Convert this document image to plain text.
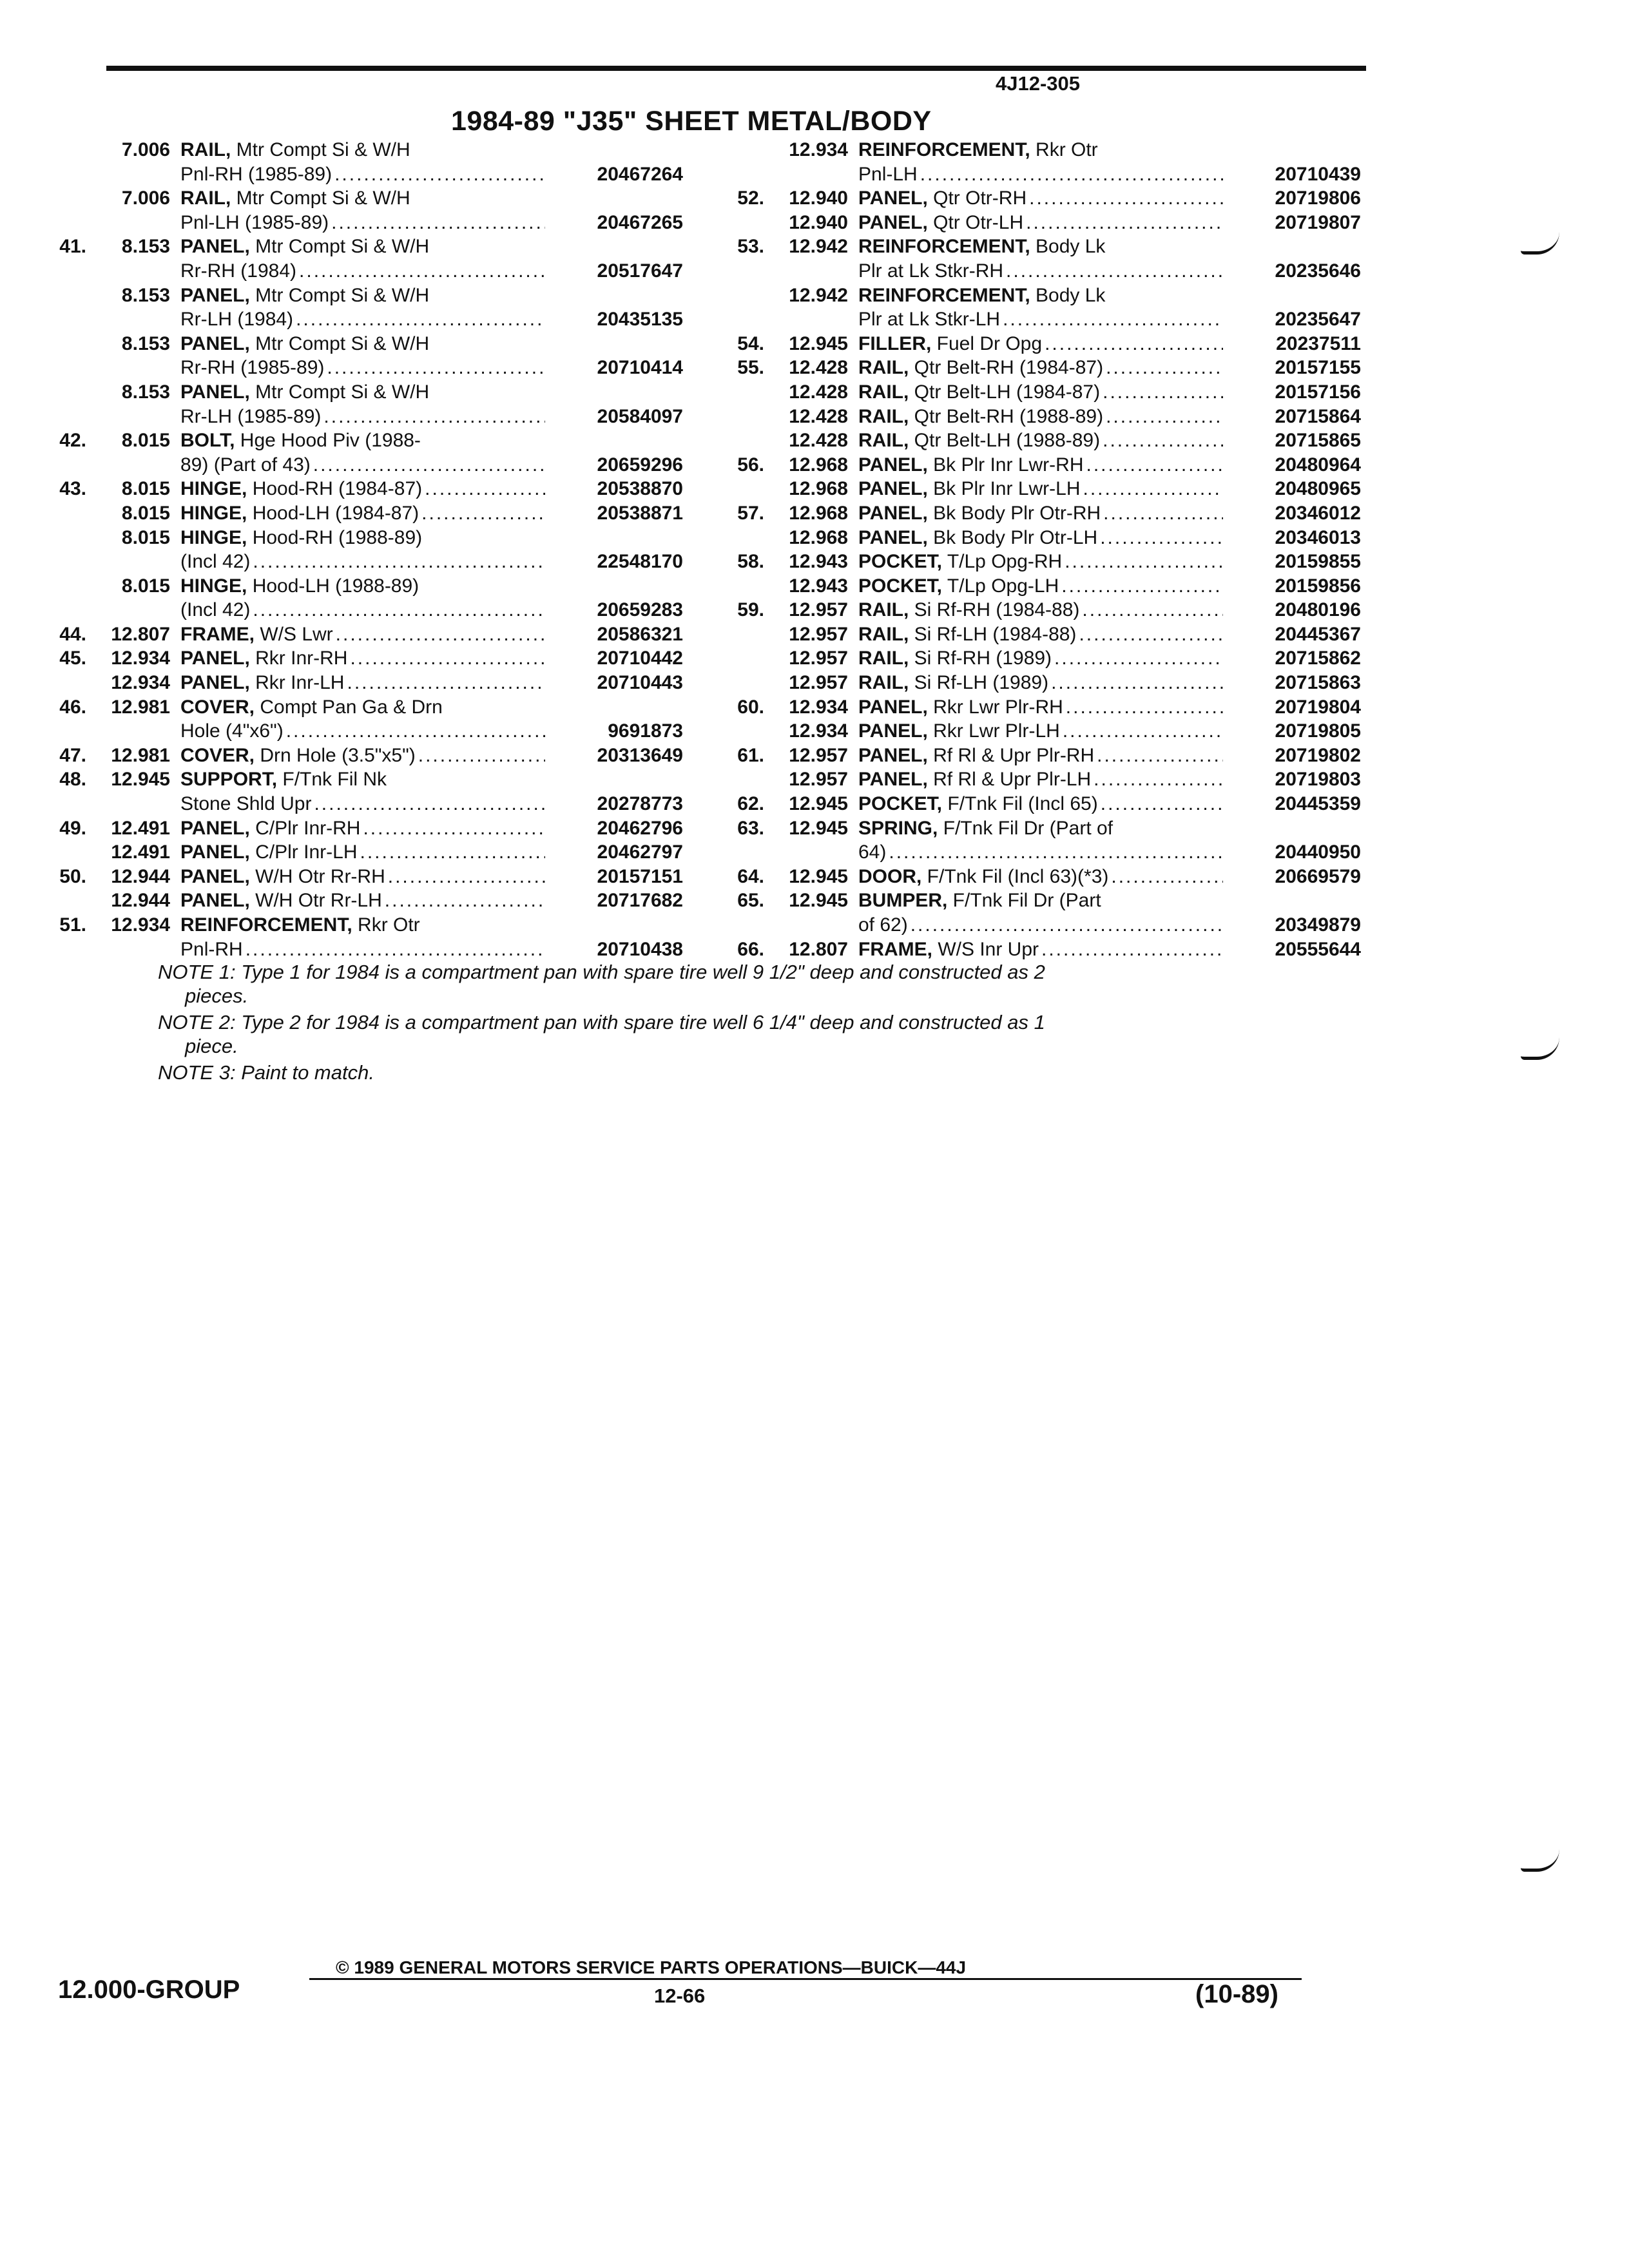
4J12-305
1984-89 "J35" SHEET METAL/BODY
7.006 RAIL, Mtr Compt Si & W/H
Pnl-RH (1985-89) .....	20467264
7.006 RAIL, Mtr Compt Si & W/H
Pnl-LH (1985-89) .....	20467265
41.	8.153 PANEL, Mtr Compt Si & W/H
Rr-RH (1984) .....	20517647
8.153 PANEL, Mtr Compt Si & W/H
Rr-LH (1984) .....	20435135
8.153 PANEL, Mtr Compt Si & W/H
Rr-RH (1985-89) .....	20710414
8.153 PANEL, Mtr Compt Si & W/H
Rr-LH (1985-89) .....	20584097
42.	8.015 BOLT, Hge Hood Piv (1988-
89) (Part of 43) .....	20659296
43.	8.015 HINGE, Hood-RH (1984-87) .....	20538870
8.015 HINGE, Hood-LH (1984-87) .....	20538871
8.015 HINGE, Hood-RH (1988-89)
(Incl 42) .....	22548170
8.015 HINGE, Hood-LH (1988-89)
(Incl 42) .....	20659283
44.	12.807 FRAME, W/S Lwr .....	20586321
45.	12.934 PANEL, Rkr Inr-RH .....	20710442
12.934 PANEL, Rkr Inr-LH .....	20710443
46.	12.981 COVER, Compt Pan Ga & Drn
Hole (4"x6") .....	9691873
47.	12.981 COVER, Drn Hole (3.5"x5") .....	20313649
48.	12.945 SUPPORT, F/Tnk Fil Nk
Stone Shld Upr .....	20278773
49.	12.491 PANEL, C/Plr Inr-RH .....	20462796
12.491 PANEL, C/Plr Inr-LH .....	20462797
50.	12.944 PANEL, W/H Otr Rr-RH .....	20157151
12.944 PANEL, W/H Otr Rr-LH .....	20717682
51.	12.934 REINFORCEMENT, Rkr Otr
Pnl-RH .....	20710438
12.934 REINFORCEMENT, Rkr Otr
Pnl-LH .....	20710439
52.	12.940 PANEL, Qtr Otr-RH .....	20719806
12.940 PANEL, Qtr Otr-LH .....	20719807
53.	12.942 REINFORCEMENT, Body Lk
Plr at Lk Stkr-RH .....	20235646
12.942 REINFORCEMENT, Body Lk
Plr at Lk Stkr-LH .....	20235647
54.	12.945 FILLER, Fuel Dr Opg .....	20237511
55.	12.428 RAIL, Qtr Belt-RH (1984-87) .....	20157155
12.428 RAIL, Qtr Belt-LH (1984-87) .....	20157156
12.428 RAIL, Qtr Belt-RH (1988-89) .....	20715864
12.428 RAIL, Qtr Belt-LH (1988-89) .....	20715865
56.	12.968 PANEL, Bk Plr Inr Lwr-RH .....	20480964
12.968 PANEL, Bk Plr Inr Lwr-LH .....	20480965
57.	12.968 PANEL, Bk Body Plr Otr-RH .....	20346012
12.968 PANEL, Bk Body Plr Otr-LH .....	20346013
58.	12.943 POCKET, T/Lp Opg-RH .....	20159855
12.943 POCKET, T/Lp Opg-LH .....	20159856
59.	12.957 RAIL, Si Rf-RH (1984-88) .....	20480196
12.957 RAIL, Si Rf-LH (1984-88) .....	20445367
12.957 RAIL, Si Rf-RH (1989) .....	20715862
12.957 RAIL, Si Rf-LH (1989) .....	20715863
60.	12.934 PANEL, Rkr Lwr Plr-RH .....	20719804
12.934 PANEL, Rkr Lwr Plr-LH .....	20719805
61.	12.957 PANEL, Rf Rl & Upr Plr-RH .....	20719802
12.957 PANEL, Rf Rl & Upr Plr-LH .....	20719803
62.	12.945 POCKET, F/Tnk Fil (Incl 65) .....	20445359
63.	12.945 SPRING, F/Tnk Fil Dr (Part of
64) .....	20440950
64.	12.945 DOOR, F/Tnk Fil (Incl 63)(*3) .....	20669579
65.	12.945 BUMPER, F/Tnk Fil Dr (Part
of 62) .....	20349879
66.	12.807 FRAME, W/S Inr Upr .....	20555644
NOTE 1: Type 1 for 1984 is a compartment pan with spare tire well 9 1/2" deep and constructed as 2
pieces.
NOTE 2: Type 2 for 1984 is a compartment pan with spare tire well 6 1/4" deep and constructed as 1
piece.
NOTE 3: Paint to match.
© 1989 GENERAL MOTORS SERVICE PARTS OPERATIONS—BUICK—44J
12.000-GROUP	12-66	(10-89)
